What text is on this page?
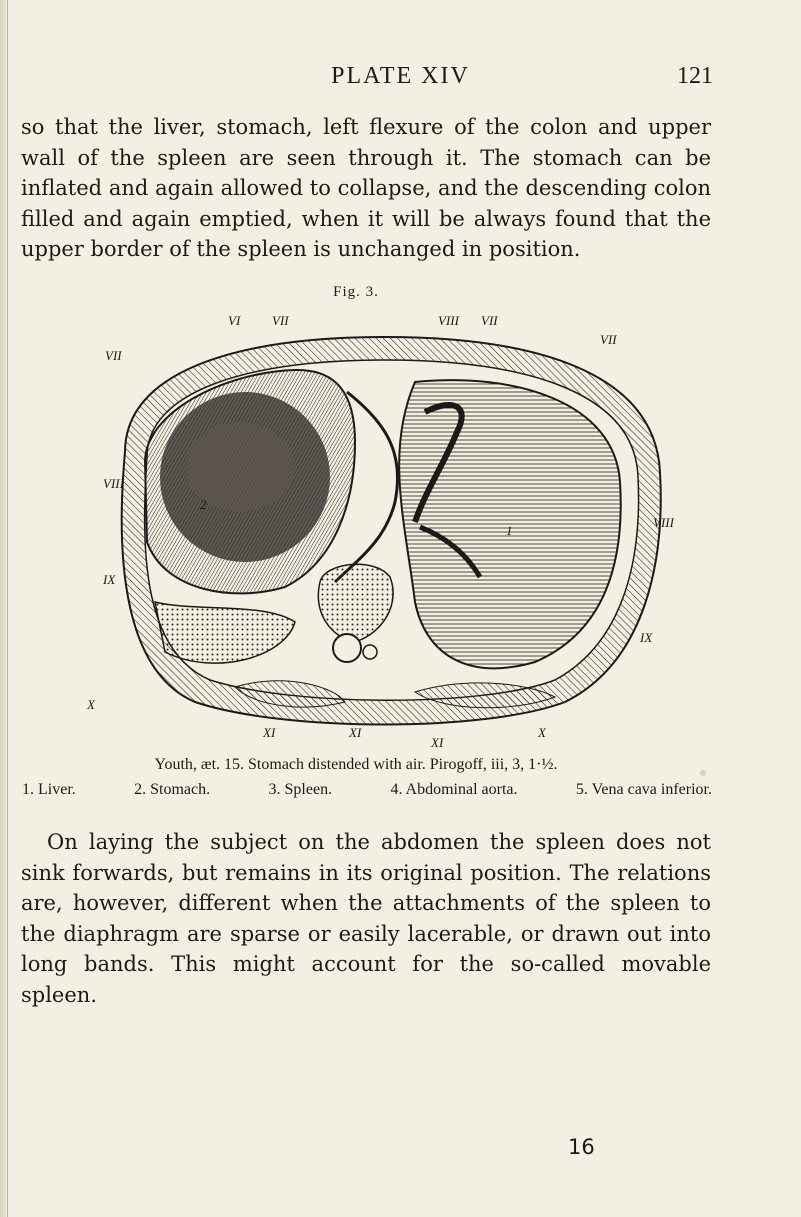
PLATE XIV	121

so that the liver, stomach, left flexure of the colon and upper wall of the spleen are seen through it. The stomach can be inflated and again allowed to collapse, and the descending colon filled and again emptied, when it will be always found that the upper border of the spleen is unchanged in position.

Fig. 3.
VI VII	VIII VII
VII
VII
VIII
IX
X
VIII
IX
XI	XI
XI
X
2
1
Youth, æt. 15. Stomach distended with air. Pirogoff, iii, 3, 1·½.
1. Liver.	2. Stomach.	3. Spleen.	4. Abdominal aorta.	5. Vena cava inferior.

On laying the subject on the abdomen the spleen does not sink forwards, but remains in its original position. The relations are, however, different when the attachments of the spleen to the diaphragm are sparse or easily lacerable, or drawn out into long bands. This might account for the so-called movable spleen.

16
